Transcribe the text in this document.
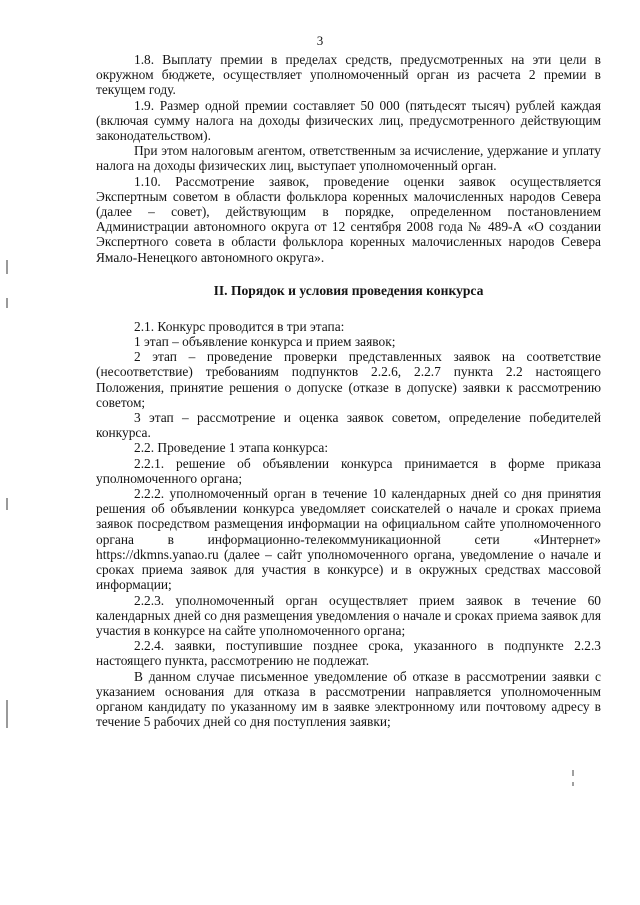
3

1.8. Выплату премии в пределах средств, предусмотренных на эти цели в окружном бюджете, осуществляет уполномоченный орган из расчета 2 премии в текущем году.

1.9. Размер одной премии составляет 50 000 (пятьдесят тысяч) рублей каждая (включая сумму налога на доходы физических лиц, предусмотренного действующим законодательством).

При этом налоговым агентом, ответственным за исчисление, удержание и уплату налога на доходы физических лиц, выступает уполномоченный орган.

1.10. Рассмотрение заявок, проведение оценки заявок осуществляется Экспертным советом в области фольклора коренных малочисленных народов Севера (далее – совет), действующим в порядке, определенном постановлением Администрации автономного округа от 12 сентября 2008 года № 489-А «О создании Экспертного совета в области фольклора коренных малочисленных народов Севера Ямало-Ненецкого автономного округа».

II. Порядок и условия проведения конкурса

2.1. Конкурс проводится в три этапа:

1 этап – объявление конкурса и прием заявок;

2 этап – проведение проверки представленных заявок на соответствие (несоответствие) требованиям подпунктов 2.2.6, 2.2.7 пункта 2.2 настоящего Положения, принятие решения о допуске (отказе в допуске) заявки к рассмотрению советом;

3 этап – рассмотрение и оценка заявок советом, определение победителей конкурса.

2.2. Проведение 1 этапа конкурса:

2.2.1. решение об объявлении конкурса принимается в форме приказа уполномоченного органа;

2.2.2. уполномоченный орган в течение 10 календарных дней со дня принятия решения об объявлении конкурса уведомляет соискателей о начале и сроках приема заявок посредством размещения информации на официальном сайте уполномоченного органа в информационно-телекоммуникационной сети «Интернет» https://dkmns.yanao.ru (далее – сайт уполномоченного органа, уведомление о начале и сроках приема заявок для участия в конкурсе) и в окружных средствах массовой информации;

2.2.3. уполномоченный орган осуществляет прием заявок в течение 60 календарных дней со дня размещения уведомления о начале и сроках приема заявок для участия в конкурсе на сайте уполномоченного органа;

2.2.4. заявки, поступившие позднее срока, указанного в подпункте 2.2.3 настоящего пункта, рассмотрению не подлежат.

В данном случае письменное уведомление об отказе в рассмотрении заявки с указанием основания для отказа в рассмотрении направляется уполномоченным органом кандидату по указанному им в заявке электронному или почтовому адресу в течение 5 рабочих дней со дня поступления заявки;
